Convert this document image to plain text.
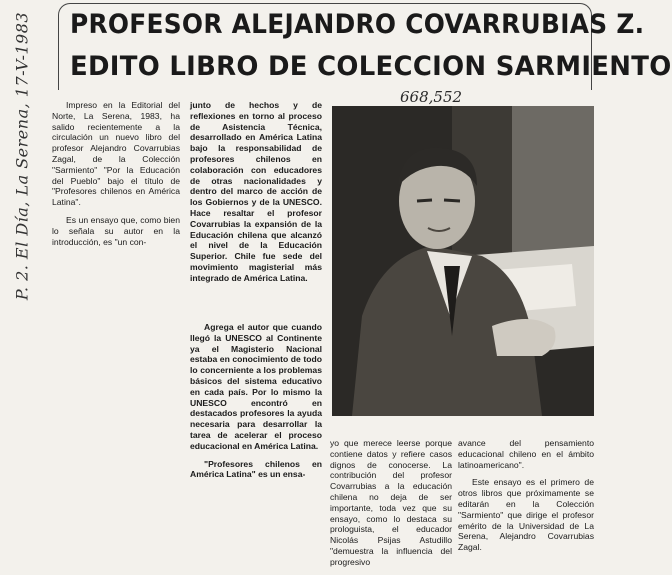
P. 2. El Día, La Serena, 17-V-1983 PROFESOR ALEJANDRO COVARRUBIAS Z.
EDITO LIBRO DE COLECCION SARMIENTO

Impreso en la Editorial del Norte, La Serena, 1983, ha salido recientemente a la circulación un nuevo libro del profesor Alejandro Covarrubias Zagal, de la Colección "Sarmiento" "Por la Educación del Pueblo" bajo el título de "Profesores chilenos en América Latina".

Es un ensayo que, como bien lo señala su autor en la introducción, es "un con-

junto de hechos y de reflexiones en torno al proceso de Asistencia Técnica, desarrollado en América Latina bajo la responsabilidad de profesores chilenos en colaboración con educadores de otras nacionalidades y dentro del marco de acción de los Gobiernos y de la UNESCO. Hace resaltar el profesor Covarrubias la expansión de la Educación chilena que alcanzó el nivel de la Educación Superior. Chile fue sede del movimiento magisterial más integrado de América Latina.

Agrega el autor que cuando llegó la UNESCO al Continente ya el Magisterio Nacional estaba en conocimiento de todo lo concerniente a los problemas básicos del sistema educativo en cada país. Por lo mismo la UNESCO encontró en destacados profesores la ayuda necesaria para desarrollar la tarea de acelerar el proceso educacional en América Latina.

"Profesores chilenos en América Latina" es un ensa-

668,552

yo que merece leerse porque contiene datos y refiere casos dignos de conocerse. La contribución del profesor Covarrubias a la educación chilena no deja de ser importante, toda vez que su ensayo, como lo destaca su prologuista, el educador Nicolás Psijas Astudillo "demuestra la influencia del progresivo

avance del pensamiento educacional chileno en el ámbito latinoamericano".

Este ensayo es el primero de otros libros que próximamente se editarán en la Colección "Sarmiento" que dirige el profesor emérito de la Universidad de La Serena, Alejandro Covarrubias Zagal.
